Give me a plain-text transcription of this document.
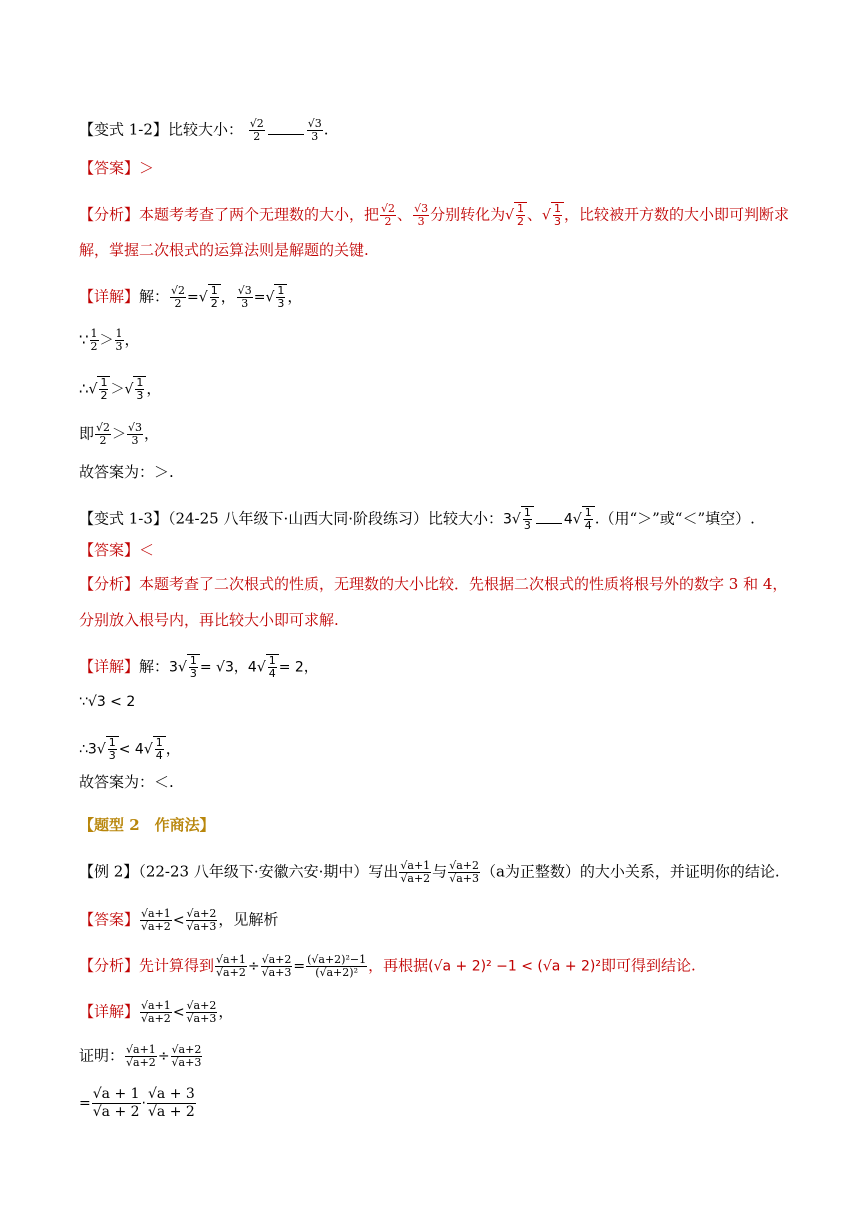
【变式 1-2】比较大小： $\frac{√2}{2}$	$\frac{√3}{3}$ .
【答案】＞
【分析】本题考考查了两个无理数的大小，把 $\frac{√2}{2}$ 、 $\frac{√3}{3}$ 分别转化为√ $\frac{1}{2}$ 、√ $\frac{1}{3}$ ，比较被开方数的大小即可判断求
解，掌握二次根式的运算法则是解题的关键.
【详解】解： $\frac{√2}{2}$ =√ $\frac{1}{2}$ ， $\frac{√3}{3}$ =√ $\frac{1}{3}$ ，
∵ $\frac{1}{2} > \frac{1}{3}$ ，
∴√ $\frac{1}{2}$ ＞√ $\frac{1}{3}$ ，
即 $\frac{√2}{2} > \frac{√3}{3}$ ，
故答案为：＞.
【变式 1-3】（24-25 八年级下·山西大同·阶段练习）比较大小：$3√ \frac{1}{3} 4√ \frac{1}{4}$ .（用“＞”或“＜”填空）.
【答案】＜
【分析】本题考查了二次根式的性质，无理数的大小比较．先根据二次根式的性质将根号外的数字 3 和 4，
分别放入根号内，再比较大小即可求解.
【详解】解：$3√ \frac{1}{3} = √3$，$4√ \frac{1}{4} = 2$，
∵√3 < 2
∴3√ $\frac{1}{3} < 4√ \frac{1}{4}$ ，
故答案为：＜.
【题型 2　作商法】
【例 2】（22-23 八年级下·安徽六安·期中）写出 $\frac{√a+1}{√a+2}$ 与 $\frac{√a+2}{√a+3} (a$为正整数）的大小关系，并证明你的结论.
【答案】 $\frac{√a+1}{√a+2} < \frac{√a+2}{√a+3}$ ，见解析
【分析】先计算得到 $\frac{√a+1}{√a+2} \div \frac{√a+2}{√a+3} = \frac{\text{(√a+2)²−1}}{\text{(√a+2)²}}$ ，再根据(√a + 2)² −1 < (√a + 2)²即可得到结论.
【详解】 $\frac{√a+1}{√a+2} < \frac{√a+2}{√a+3}$ ，
证明： $\frac{√a+1}{√a+2} \div \frac{√a+2}{√a+3}$
= $\frac{√a + 1}{√a + 2} \cdot \frac{√a + 3}{√a + 2}$
